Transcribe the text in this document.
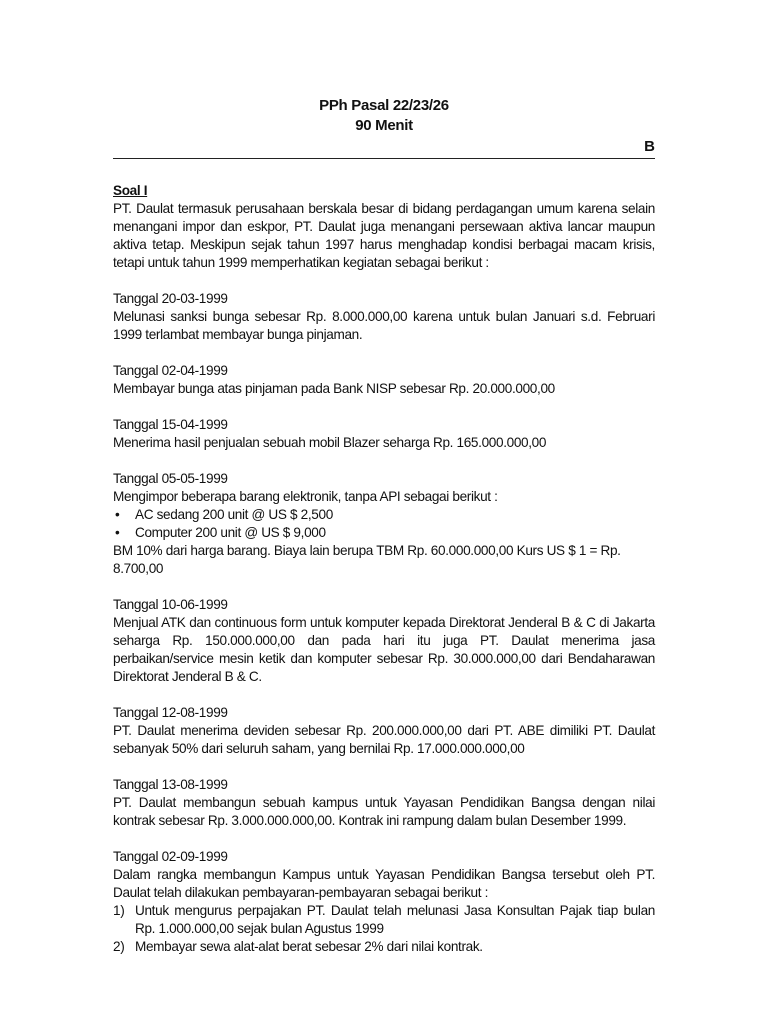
PPh Pasal 22/23/26
90 Menit
B
Soal I
PT. Daulat termasuk perusahaan berskala besar di bidang perdagangan umum karena selain menangani impor dan eskpor, PT. Daulat juga menangani persewaan aktiva lancar maupun aktiva tetap. Meskipun sejak tahun 1997 harus menghadap kondisi berbagai macam krisis, tetapi untuk tahun 1999 memperhatikan kegiatan sebagai berikut :
Tanggal 20-03-1999
Melunasi sanksi bunga sebesar Rp. 8.000.000,00 karena untuk bulan Januari s.d. Februari 1999 terlambat membayar bunga pinjaman.
Tanggal 02-04-1999
Membayar bunga atas pinjaman pada Bank NISP sebesar Rp. 20.000.000,00
Tanggal 15-04-1999
Menerima hasil penjualan sebuah mobil Blazer seharga Rp. 165.000.000,00
Tanggal 05-05-1999
Mengimpor beberapa barang elektronik, tanpa API sebagai berikut :
• AC sedang 200 unit @ US $ 2,500
• Computer 200 unit @ US $ 9,000
BM 10% dari harga barang. Biaya lain berupa TBM Rp. 60.000.000,00 Kurs US $ 1 = Rp. 8.700,00
Tanggal 10-06-1999
Menjual ATK dan continuous form untuk komputer kepada Direktorat Jenderal B & C di Jakarta seharga Rp. 150.000.000,00 dan pada hari itu juga PT. Daulat menerima jasa perbaikan/service mesin ketik dan komputer sebesar Rp. 30.000.000,00 dari Bendaharawan Direktorat Jenderal B & C.
Tanggal 12-08-1999
PT. Daulat menerima deviden sebesar Rp. 200.000.000,00 dari PT. ABE dimiliki PT. Daulat sebanyak 50% dari seluruh saham, yang bernilai Rp. 17.000.000.000,00
Tanggal 13-08-1999
PT. Daulat membangun sebuah kampus untuk Yayasan Pendidikan Bangsa dengan nilai kontrak sebesar Rp. 3.000.000.000,00. Kontrak ini rampung dalam bulan Desember 1999.
Tanggal 02-09-1999
Dalam rangka membangun Kampus untuk Yayasan Pendidikan Bangsa tersebut oleh PT. Daulat telah dilakukan pembayaran-pembayaran sebagai berikut :
1) Untuk mengurus perpajakan PT. Daulat telah melunasi Jasa Konsultan Pajak tiap bulan Rp. 1.000.000,00 sejak bulan Agustus 1999
2) Membayar sewa alat-alat berat sebesar 2% dari nilai kontrak.
